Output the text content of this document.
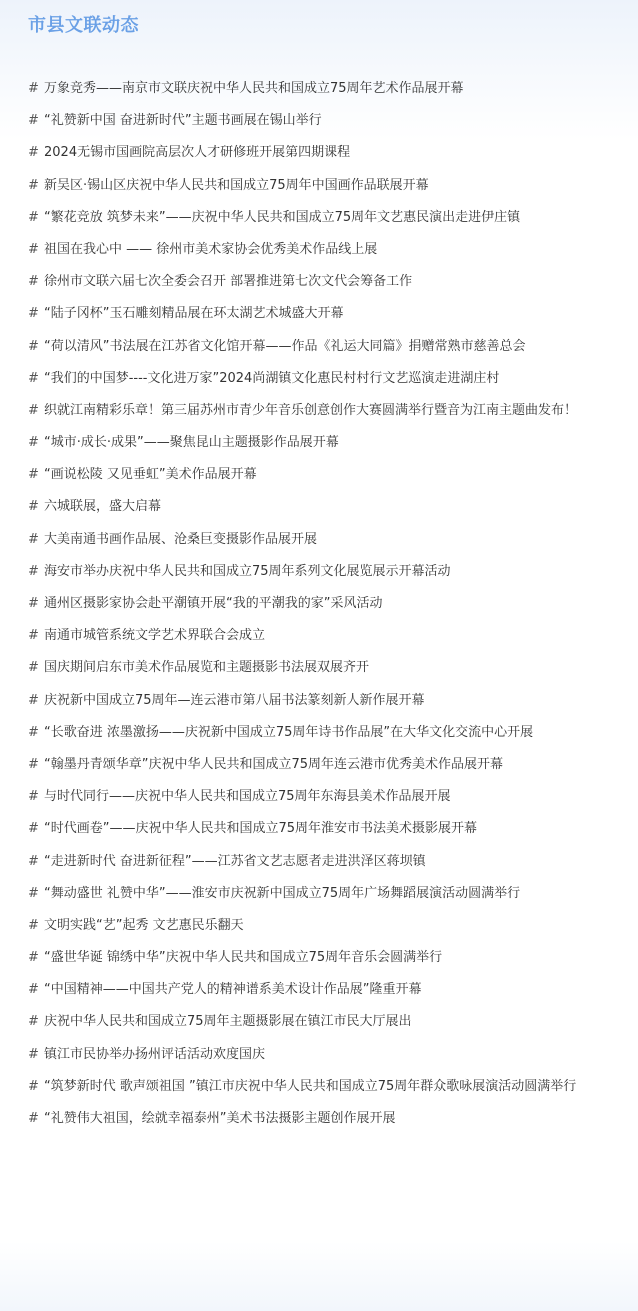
市县文联动态
# 万象竞秀——南京市文联庆祝中华人民共和国成立75周年艺术作品展开幕
# “礼赞新中国 奋进新时代”主题书画展在锡山举行
# 2024无锡市国画院高层次人才研修班开展第四期课程
# 新吴区·锡山区庆祝中华人民共和国成立75周年中国画作品联展开幕
# “繁花竞放 筑梦未来”——庆祝中华人民共和国成立75周年文艺惠民演出走进伊庄镇
# 祖国在我心中 —— 徐州市美术家协会优秀美术作品线上展
# 徐州市文联六届七次全委会召开 部署推进第七次文代会筹备工作
# “陆子冈杯”玉石雕刻精品展在环太湖艺术城盛大开幕
# “荷以清风”书法展在江苏省文化馆开幕——作品《礼运大同篇》捐赠常熟市慈善总会
# “我们的中国梦----文化进万家”2024尚湖镇文化惠民村村行文艺巡演走进湖庄村
# 织就江南精彩乐章！第三届苏州市青少年音乐创意创作大赛圆满举行暨音为江南主题曲发布！
# “城市·成长·成果”——聚焦昆山主题摄影作品展开幕
# “画说松陵 又见垂虹”美术作品展开幕
# 六城联展，盛大启幕
# 大美南通书画作品展、沧桑巨变摄影作品展开展
# 海安市举办庆祝中华人民共和国成立75周年系列文化展览展示开幕活动
# 通州区摄影家协会赴平潮镇开展“我的平潮我的家”采风活动
# 南通市城管系统文学艺术界联合会成立
# 国庆期间启东市美术作品展览和主题摄影书法展双展齐开
# 庆祝新中国成立75周年—连云港市第八届书法篆刻新人新作展开幕
# “长歌奋进 浓墨激扬——庆祝新中国成立75周年诗书作品展”在大华文化交流中心开展
# “翰墨丹青颂华章”庆祝中华人民共和国成立75周年连云港市优秀美术作品展开幕
# 与时代同行——庆祝中华人民共和国成立75周年东海县美术作品展开展
# “时代画卷”——庆祝中华人民共和国成立75周年淮安市书法美术摄影展开幕
# “走进新时代 奋进新征程”——江苏省文艺志愿者走进洪泽区蒋坝镇
# “舞动盛世 礼赞中华”——淮安市庆祝新中国成立75周年广场舞蹈展演活动圆满举行
# 文明实践“艺”起秀 文艺惠民乐翻天
# “盛世华诞 锦绣中华”庆祝中华人民共和国成立75周年音乐会圆满举行
# “中国精神——中国共产党人的精神谱系美术设计作品展”隆重开幕
# 庆祝中华人民共和国成立75周年主题摄影展在镇江市民大厅展出
# 镇江市民协举办扬州评话活动欢度国庆
# “筑梦新时代 歌声颂祖国 ”镇江市庆祝中华人民共和国成立75周年群众歌咏展演活动圆满举行
# “礼赞伟大祖国，绘就幸福泰州”美术书法摄影主题创作展开展
